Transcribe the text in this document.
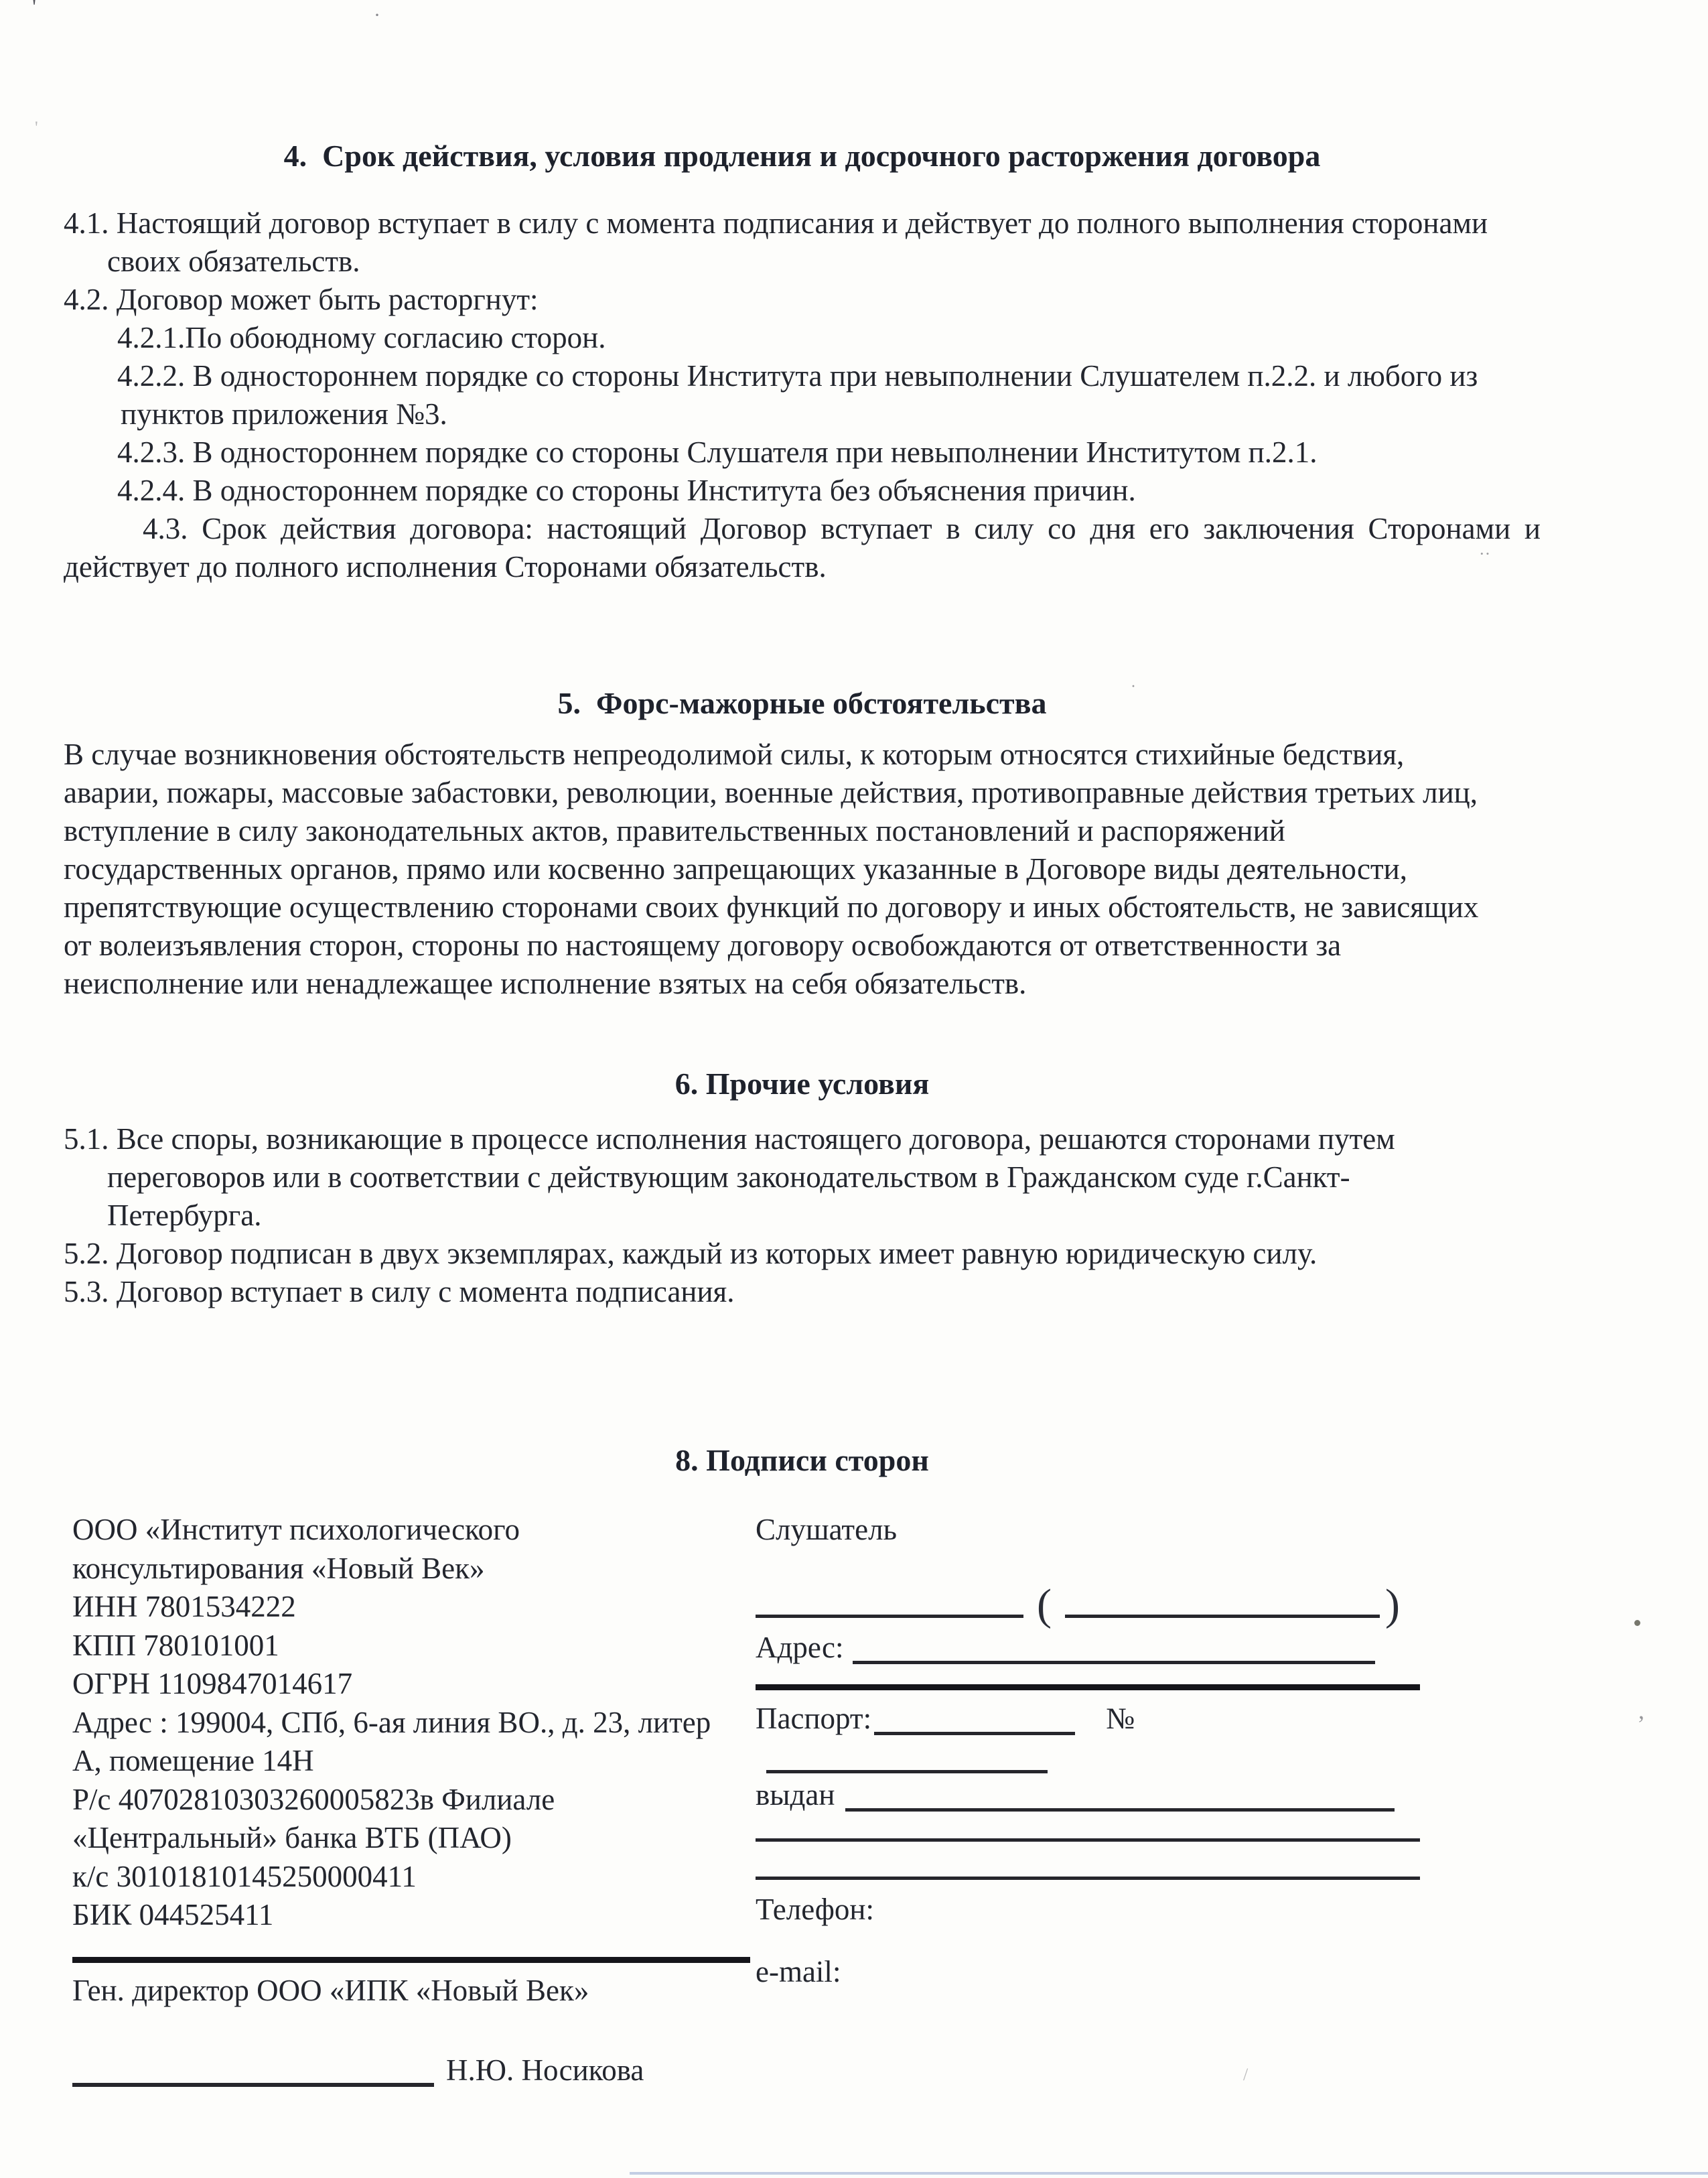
4.  Срок действия, условия продления и досрочного расторжения договора

4.1. Настоящий договор вступает в силу с момента подписания и действует до полного выполнения сторонами

своих обязательств.

4.2. Договор может быть расторгнут:

4.2.1.По обоюдному согласию сторон.

4.2.2. В одностороннем порядке со стороны Института при невыполнении Слушателем п.2.2. и любого из

пунктов приложения №3.

4.2.3. В одностороннем порядке со стороны Слушателя при невыполнении Институтом п.2.1.

4.2.4. В одностороннем порядке со стороны Института без объяснения причин.

4.3. Срок действия договора: настоящий Договор вступает в силу со дня его заключения Сторонами и

действует до полного исполнения Сторонами обязательств.

5.  Форс-мажорные обстоятельства

В случае возникновения обстоятельств непреодолимой силы, к которым относятся стихийные бедствия,

аварии, пожары, массовые забастовки, революции, военные действия, противоправные действия третьих лиц,

вступление в силу законодательных актов, правительственных постановлений и распоряжений

государственных органов, прямо или косвенно запрещающих указанные в Договоре виды деятельности,

препятствующие осуществлению сторонами своих функций по договору и иных обстоятельств, не зависящих

от волеизъявления сторон, стороны по настоящему договору освобождаются от ответственности за

неисполнение или ненадлежащее исполнение взятых на себя обязательств.

6. Прочие условия

5.1. Все споры, возникающие в процессе исполнения настоящего договора, решаются сторонами путем

переговоров или в соответствии с действующим законодательством в Гражданском суде г.Санкт-

Петербурга.

5.2. Договор подписан в двух экземплярах, каждый из которых имеет равную юридическую силу.

5.3. Договор вступает в силу с момента подписания.

8. Подписи сторон

ООО «Институт психологического

консультирования «Новый Век»

ИНН 7801534222

КПП 780101001

ОГРН 1109847014617

Адрес : 199004, СПб, 6-ая линия ВО., д. 23, литер

А, помещение 14Н

Р/с 40702810303260005823в Филиале

«Центральный» банка ВТБ (ПАО)

к/с 30101810145250000411

БИК 044525411

Ген. директор ООО «ИПК «Новый Век»

Н.Ю. Носикова

Слушатель

(	)
Адрес:
Паспорт:	№
выдан

Телефон:

e-mail:

'	·
'
··
·
,
/
